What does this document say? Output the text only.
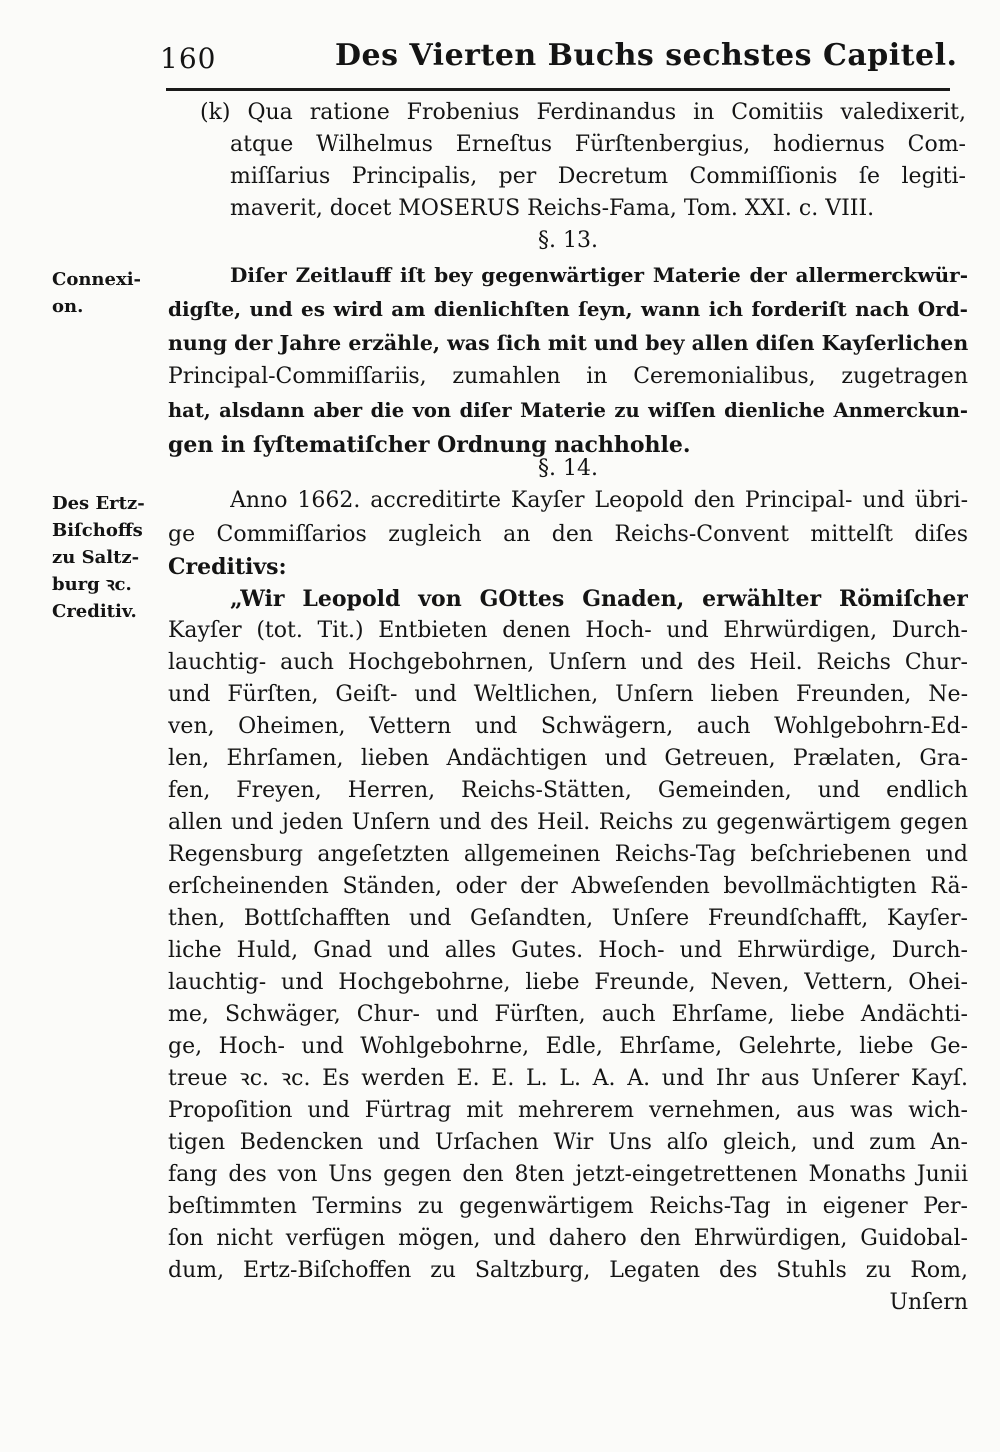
160	Des Vierten Buchs sechstes Capitel.
(k) Qua ratione Frobenius Ferdinandus in Comitiis valedixerit,
atque Wilhelmus Erneſtus Fürſtenbergius, hodiernus Com-
miſſarius Principalis, per Decretum Commiſſionis ſe legiti-
maverit, docet MOSERUS Reichs-Fama, Tom. XXI. c. VIII.
§. 13.
Connexi-
on.
Diſer Zeitlauff iſt bey gegenwärtiger Materie der allermerckwür-
digſte, und es wird am dienlichſten ſeyn, wann ich forderiſt nach Ord-
nung der Jahre erzähle, was ſich mit und bey allen diſen Kayſerlichen
Principal-Commiſſariis, zumahlen in Ceremonialibus, zugetragen
hat, alsdann aber die von diſer Materie zu wiſſen dienliche Anmerckun-
gen in ſyſtematiſcher Ordnung nachhohle.
§. 14.
Des Ertz-
Biſchoffs
zu Saltz-
burg ꝛc.
Creditiv.
Anno 1662. accreditirte Kayſer Leopold den Principal- und übri-
ge Commiſſarios zugleich an den Reichs-Convent mittelſt diſes
Creditivs:
„Wir Leopold von GOttes Gnaden, erwählter Römiſcher
Kayſer (tot. Tit.) Entbieten denen Hoch- und Ehrwürdigen, Durch-
lauchtig- auch Hochgebohrnen, Unſern und des Heil. Reichs Chur-
und Fürſten, Geiſt- und Weltlichen, Unſern lieben Freunden, Ne-
ven, Oheimen, Vettern und Schwägern, auch Wohlgebohrn-Ed-
len, Ehrſamen, lieben Andächtigen und Getreuen, Prælaten, Gra-
fen, Freyen, Herren, Reichs-Stätten, Gemeinden, und endlich
allen und jeden Unſern und des Heil. Reichs zu gegenwärtigem gegen
Regensburg angeſetzten allgemeinen Reichs-Tag beſchriebenen und
erſcheinenden Ständen, oder der Abweſenden bevollmächtigten Rä-
then, Bottſchafften und Geſandten, Unſere Freundſchafft, Kayſer-
liche Huld, Gnad und alles Gutes. Hoch- und Ehrwürdige, Durch-
lauchtig- und Hochgebohrne, liebe Freunde, Neven, Vettern, Ohei-
me, Schwäger, Chur- und Fürſten, auch Ehrſame, liebe Andächti-
ge, Hoch- und Wohlgebohrne, Edle, Ehrſame, Gelehrte, liebe Ge-
treue ꝛc. ꝛc. Es werden E. E. L. L. A. A. und Ihr aus Unſerer Kayſ.
Propoſition und Fürtrag mit mehrerem vernehmen, aus was wich-
tigen Bedencken und Urſachen Wir Uns alſo gleich, und zum An-
fang des von Uns gegen den 8ten jetzt-eingetrettenen Monaths Junii
beſtimmten Termins zu gegenwärtigem Reichs-Tag in eigener Per-
ſon nicht verfügen mögen, und dahero den Ehrwürdigen, Guidobal-
dum, Ertz-Biſchoffen zu Saltzburg, Legaten des Stuhls zu Rom,
Unſern
